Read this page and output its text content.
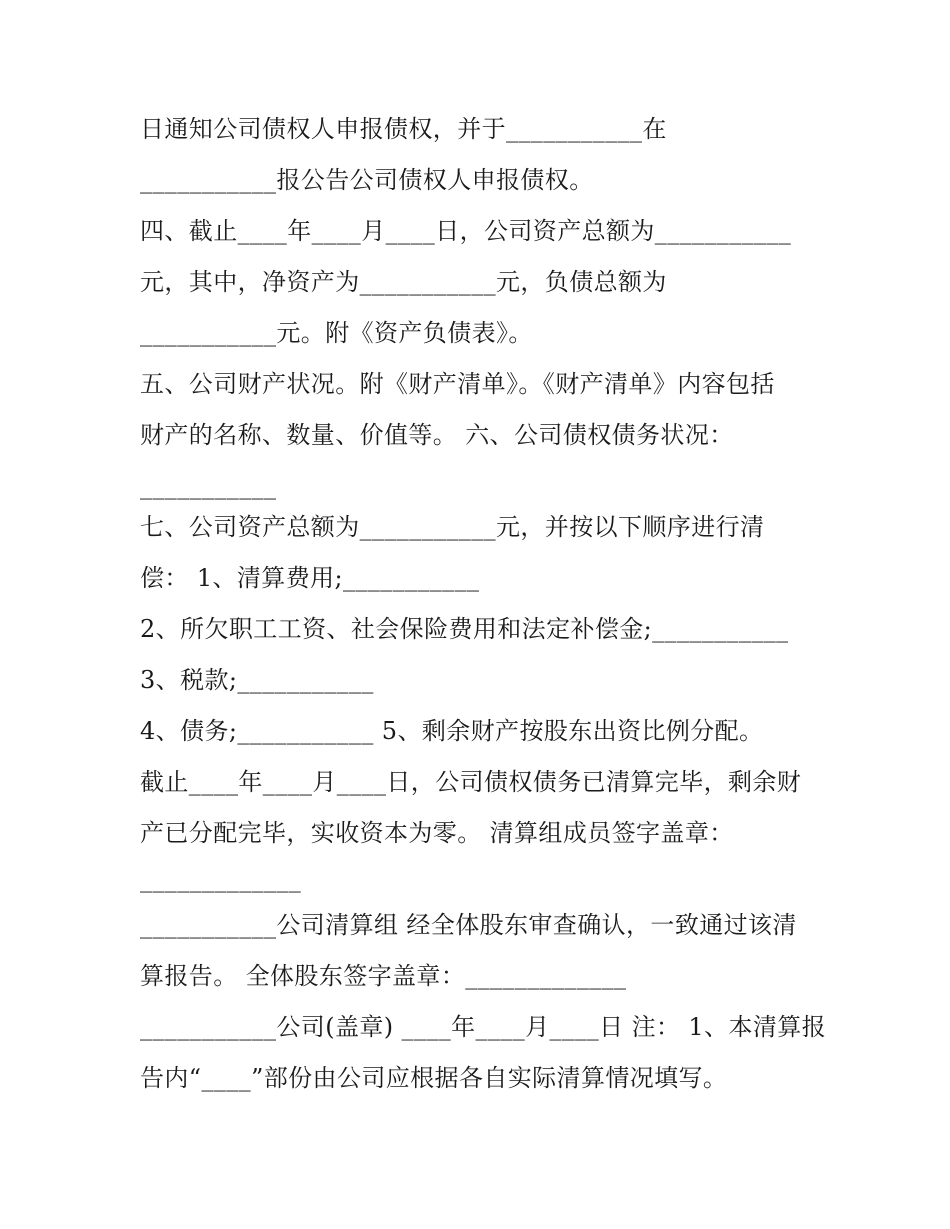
日通知公司债权人申报债权，并于___________在
___________报公告公司债权人申报债权。
四、截止____年____月____日，公司资产总额为___________
元，其中，净资产为___________元，负债总额为
___________元。附《资产负债表》。
五、公司财产状况。附《财产清单》。《财产清单》内容包括
财产的名称、数量、价值等。 六、公司债权债务状况：
___________
七、公司资产总额为___________元，并按以下顺序进行清
偿： 1、清算费用;___________
2、所欠职工工资、社会保险费用和法定补偿金;___________
3、税款;___________
4、债务;___________ 5、剩余财产按股东出资比例分配。
截止____年____月____日，公司债权债务已清算完毕，剩余财
产已分配完毕，实收资本为零。 清算组成员签字盖章：
_____________
___________公司清算组 经全体股东审查确认，一致通过该清
算报告。 全体股东签字盖章：_____________
___________公司(盖章) ____年____月____日 注： 1、本清算报
告内“____”部份由公司应根据各自实际清算情况填写。
